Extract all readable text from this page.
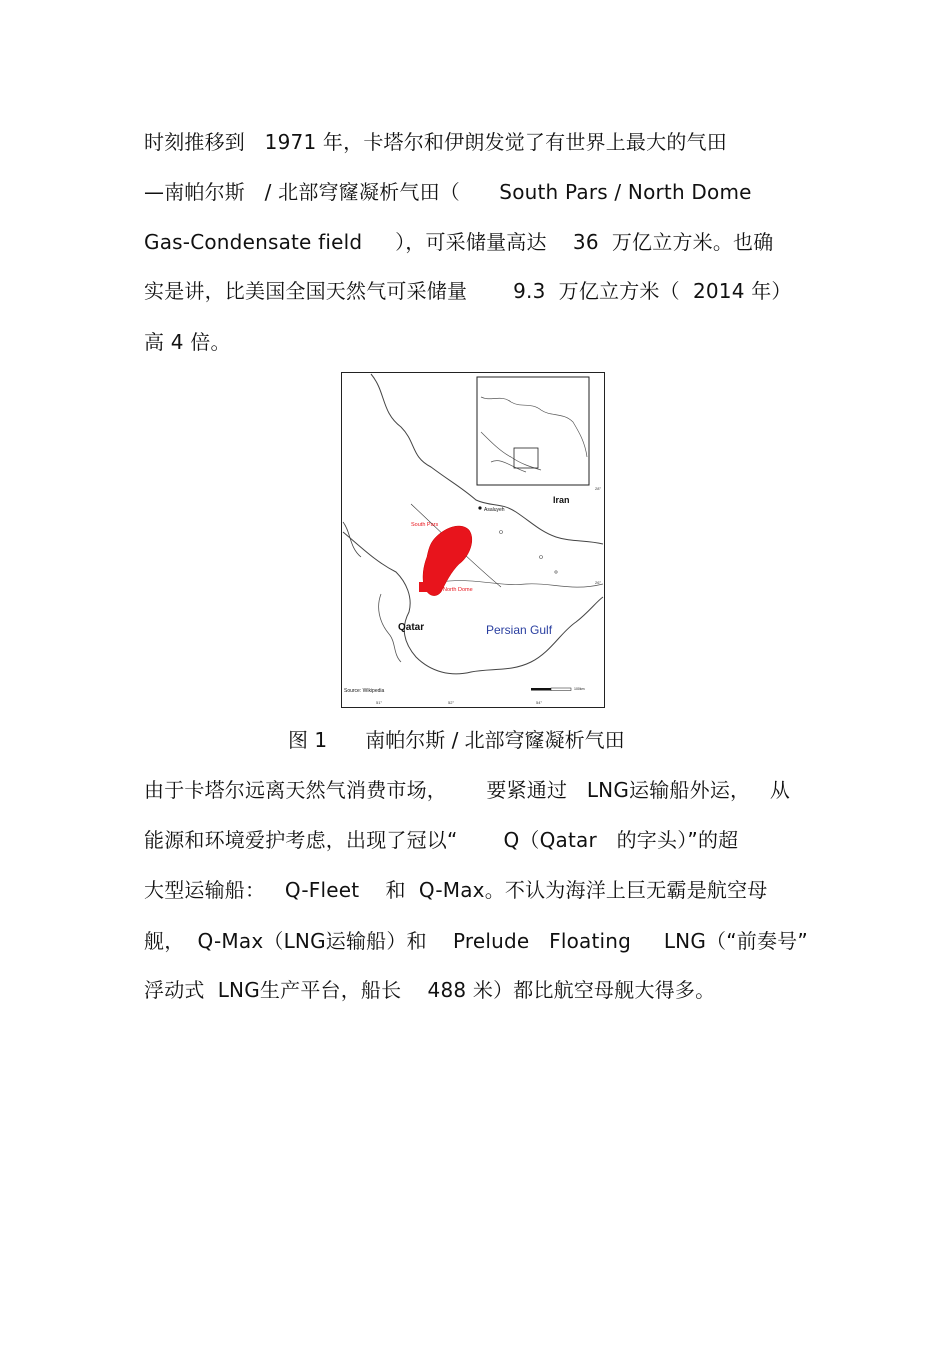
时刻推移到   1971 年，卡塔尔和伊朗发觉了有世界上最大的气田
—南帕尔斯   / 北部穹窿凝析气田（      South Pars / North Dome
Gas-Condensate field     ），可采储量高达    36  万亿立方米。也确
实是讲，比美国全国天然气可采储量       9.3  万亿立方米（  2014 年）
高 4 倍。
Iran
Asaluyeh
South Pars
North Dome
Qatar	Persian Gulf
28°
26°
51°	52°	54°
Source: Wikipedia	100km
图 1      南帕尔斯 / 北部穹窿凝析气田
由于卡塔尔远离天然气消费市场，      要紧通过   LNG运输船外运，   从
能源和环境爱护考虑，出现了冠以“       Q（Qatar   的字头）”的超
大型运输船：   Q-Fleet    和  Q-Max。不认为海洋上巨无霸是航空母
舰，  Q-Max（LNG运输船）和    Prelude   Floating     LNG（“前奏号”
浮动式  LNG生产平台，船长    488 米）都比航空母舰大得多。
